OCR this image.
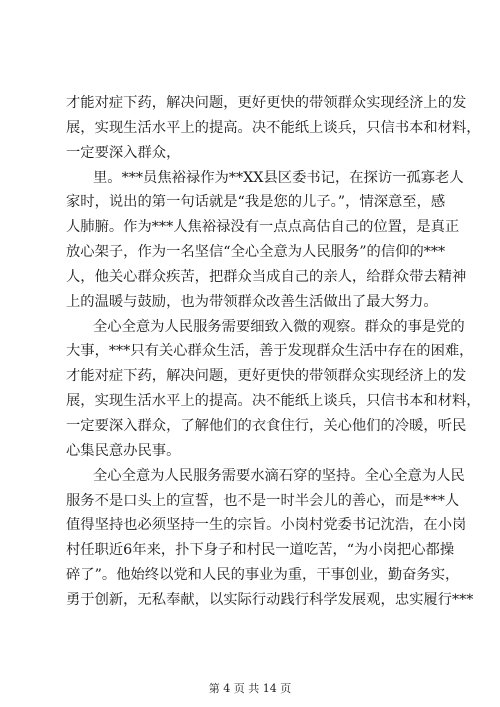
才能对症下药，解决问题，更好更快的带领群众实现经济上的发
展，实现生活水平上的提高。决不能纸上谈兵，只信书本和材料，
一定要深入群众，
里。***员焦裕禄作为**XX县区委书记，在探访一孤寡老人
家时，说出的第一句话就是“我是您的儿子。”，情深意至，感
人肺腑。作为***人焦裕禄没有一点点高估自己的位置，是真正
放心架子，作为一名坚信“全心全意为人民服务”的信仰的***
人，他关心群众疾苦，把群众当成自己的亲人，给群众带去精神
上的温暖与鼓励，也为带领群众改善生活做出了最大努力。
全心全意为人民服务需要细致入微的观察。群众的事是党的
大事，***只有关心群众生活，善于发现群众生活中存在的困难，
才能对症下药，解决问题，更好更快的带领群众实现经济上的发
展，实现生活水平上的提高。决不能纸上谈兵，只信书本和材料，
一定要深入群众，了解他们的衣食住行，关心他们的冷暖，听民
心集民意办民事。
全心全意为人民服务需要水滴石穿的坚持。全心全意为人民
服务不是口头上的宣誓，也不是一时半会儿的善心，而是***人
值得坚持也必须坚持一生的宗旨。小岗村党委书记沈浩，在小岗
村任职近6年来，扑下身子和村民一道吃苦，“为小岗把心都操
碎了”。他始终以党和人民的事业为重，干事创业，勤奋务实，
勇于创新，无私奉献，以实际行动践行科学发展观，忠实履行***
第 4 页 共 14 页
